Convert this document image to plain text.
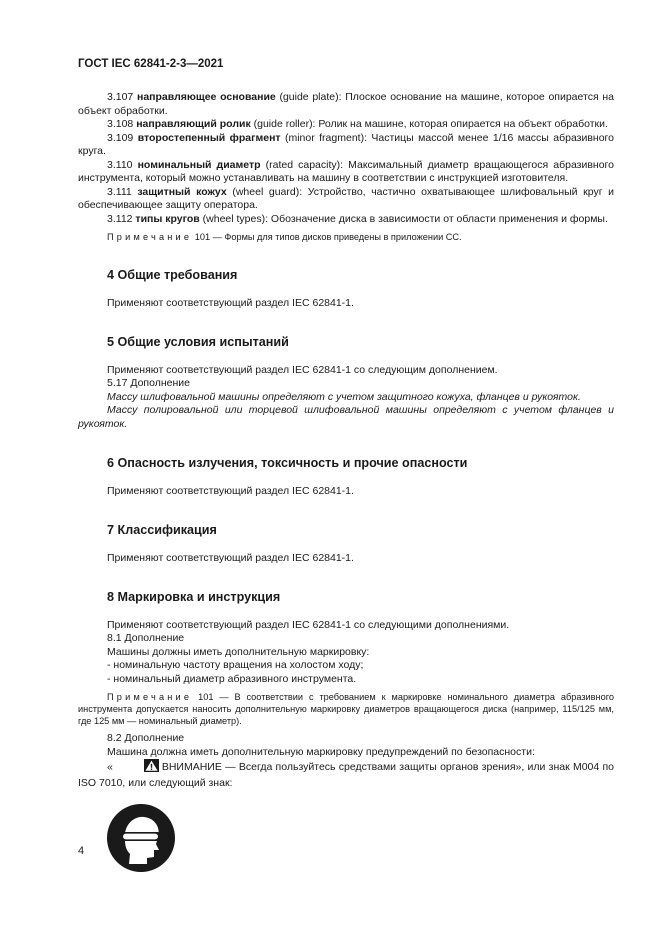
ГОСТ IEC 62841-2-3—2021

3.107 направляющее основание (guide plate): Плоское основание на машине, которое опирается на объект обработки.

3.108 направляющий ролик (guide roller): Ролик на машине, которая опирается на объект обработки.

3.109 второстепенный фрагмент (minor fragment): Частицы массой менее 1/16 массы абразивного круга.

3.110 номинальный диаметр (rated capacity): Максимальный диаметр вращающегося абразивного инструмента, который можно устанавливать на машину в соответствии с инструкцией изготовителя.

3.111 защитный кожух (wheel guard): Устройство, частично охватывающее шлифовальный круг и обеспечивающее защиту оператора.

3.112 типы кругов (wheel types): Обозначение диска в зависимости от области применения и формы.

Примечание 101 — Формы для типов дисков приведены в приложении СС.

4 Общие требования

Применяют соответствующий раздел IEC 62841-1.

5 Общие условия испытаний

Применяют соответствующий раздел IEC 62841-1 со следующим дополнением.

5.17 Дополнение

Массу шлифовальной машины определяют с учетом защитного кожуха, фланцев и рукояток.

Массу полировальной или торцевой шлифовальной машины определяют с учетом фланцев и рукояток.

6 Опасность излучения, токсичность и прочие опасности

Применяют соответствующий раздел IEC 62841-1.

7 Классификация

Применяют соответствующий раздел IEC 62841-1.

8 Маркировка и инструкция

Применяют соответствующий раздел IEC 62841-1 со следующими дополнениями.

8.1 Дополнение

Машины должны иметь дополнительную маркировку:

- номинальную частоту вращения на холостом ходу;

- номинальный диаметр абразивного инструмента.

Примечание 101 — В соответствии с требованием к маркировке номинального диаметра абразивного инструмента допускается наносить дополнительную маркировку диаметров вращающегося диска (например, 115/125 мм, где 125 мм — номинальный диаметр).

8.2 Дополнение

Машина должна иметь дополнительную маркировку предупреждений по безопасности:

«	ВНИМАНИЕ — Всегда пользуйтесь средствами защиты органов зрения», или знак М004 по ISO 7010, или следующий знак:

4
